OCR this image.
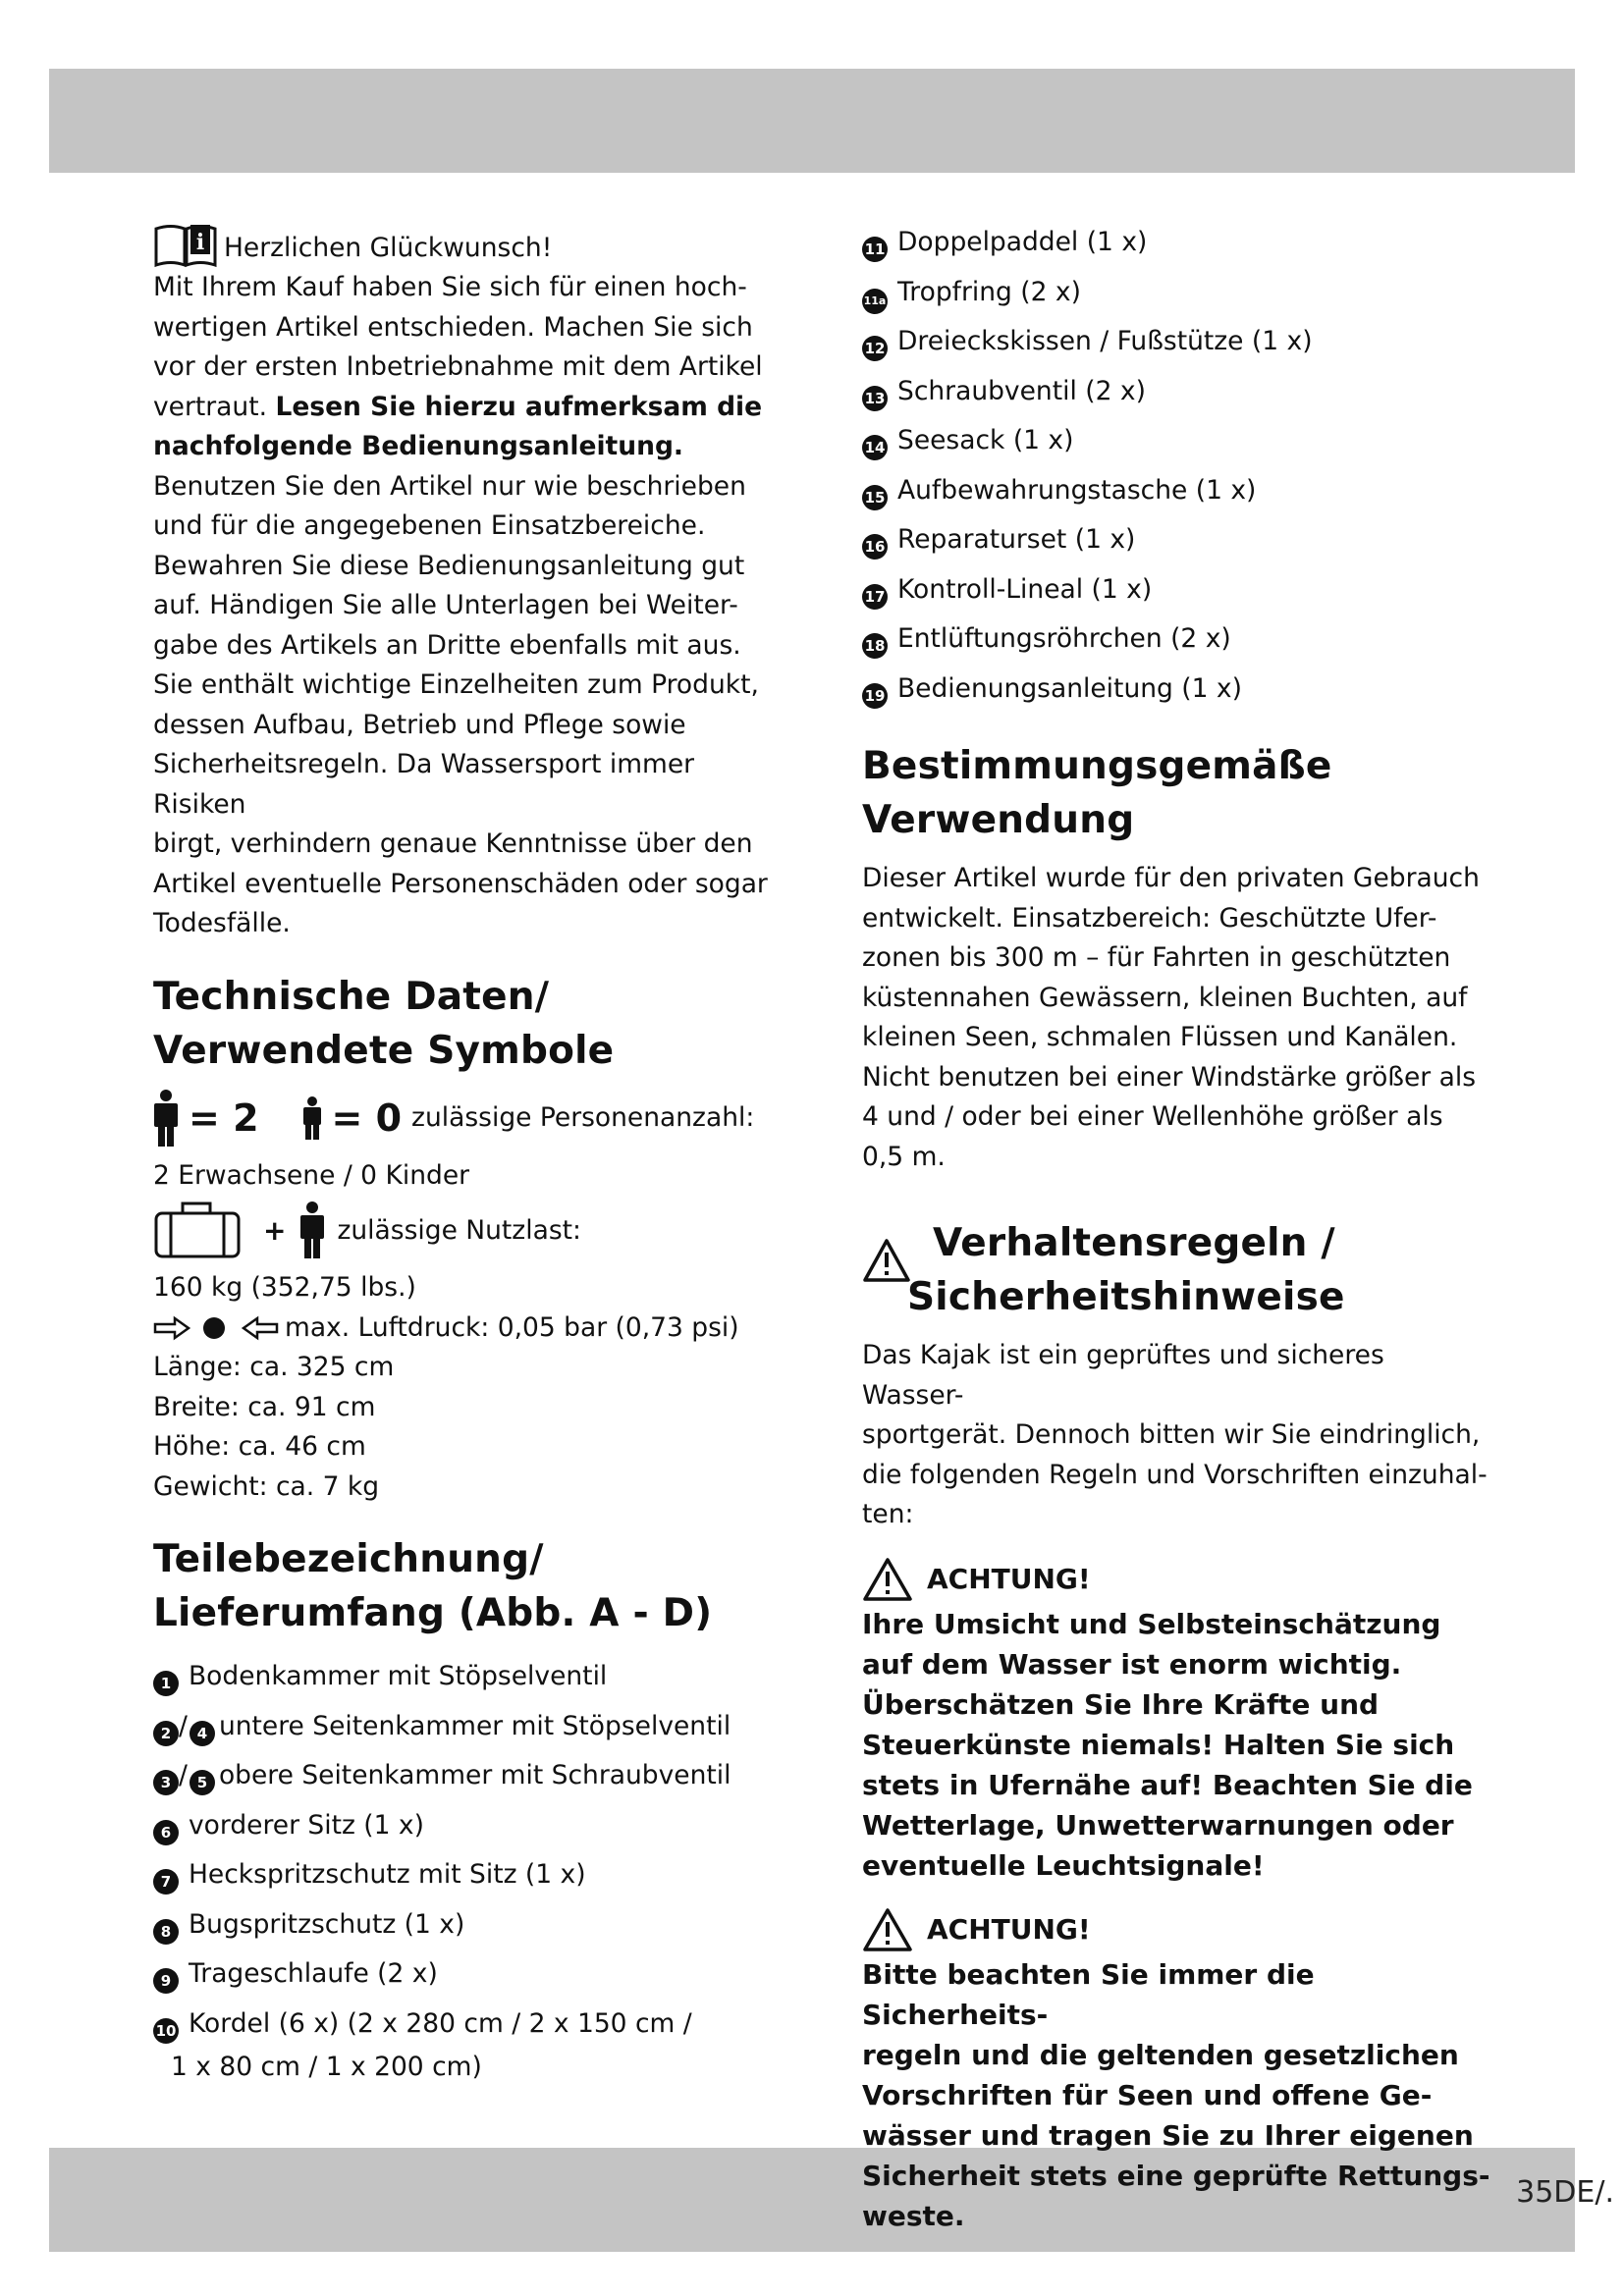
35DE/.
i Herzlichen Glückwunsch!

Mit Ihrem Kauf haben Sie sich für einen hoch-

wertigen Artikel entschieden. Machen Sie sich

vor der ersten Inbetriebnahme mit dem Artikel

vertraut. Lesen Sie hierzu aufmerksam die

nachfolgende Bedienungsanleitung.

Benutzen Sie den Artikel nur wie beschrieben

und für die angegebenen Einsatzbereiche.

Bewahren Sie diese Bedienungsanleitung gut

auf. Händigen Sie alle Unterlagen bei Weiter-

gabe des Artikels an Dritte ebenfalls mit aus.

Sie enthält wichtige Einzelheiten zum Produkt,

dessen Aufbau, Betrieb und Pflege sowie

Sicherheitsregeln. Da Wassersport immer Risiken

birgt, verhindern genaue Kenntnisse über den

Artikel eventuelle Personenschäden oder sogar

Todesfälle.

Technische Daten/
Verwendete Symbole
= 2 = 0 zulässige Personenanzahl:

2 Erwachsene / 0 Kinder

+ zulässige Nutzlast:

160 kg (352,75 lbs.)

max. Luftdruck: 0,05 bar (0,73 psi)

Länge: ca. 325 cm

Breite: ca. 91 cm

Höhe: ca. 46 cm

Gewicht: ca. 7 kg

Teilebezeichnung/
Lieferumfang (Abb. A - D)

1 Bodenkammer mit Stöpselventil

2 / 4 untere Seitenkammer mit Stöpselventil

3 / 5 obere Seitenkammer mit Schraubventil

6 vorderer Sitz (1 x)

7 Heckspritzschutz mit Sitz (1 x)

8 Bugspritzschutz (1 x)

9 Trageschlaufe (2 x)

10 Kordel (6 x) (2 x 280 cm / 2 x 150 cm /

1 x 80 cm / 1 x 200 cm)

11 Doppelpaddel (1 x)

11a Tropfring (2 x)

12 Dreieckskissen / Fußstütze (1 x)

13 Schraubventil (2 x)

14 Seesack (1 x)

15 Aufbewahrungstasche (1 x)

16 Reparaturset (1 x)

17 Kontroll-Lineal (1 x)

18 Entlüftungsröhrchen (2 x)

19 Bedienungsanleitung (1 x)

Bestimmungsgemäße
Verwendung

Dieser Artikel wurde für den privaten Gebrauch

entwickelt. Einsatzbereich: Geschützte Ufer-

zonen bis 300 m – für Fahrten in geschützten

küstennahen Gewässern, kleinen Buchten, auf

kleinen Seen, schmalen Flüssen und Kanälen.

Nicht benutzen bei einer Windstärke größer als

4 und / oder bei einer Wellenhöhe größer als

0,5 m.

Verhaltensregeln /
Sicherheitshinweise

Das Kajak ist ein geprüftes und sicheres Wasser-

sportgerät. Dennoch bitten wir Sie eindringlich,

die folgenden Regeln und Vorschriften einzuhal-

ten:

ACHTUNG!

Ihre Umsicht und Selbsteinschätzung

auf dem Wasser ist enorm wichtig.

Überschätzen Sie Ihre Kräfte und

Steuerkünste niemals! Halten Sie sich

stets in Ufernähe auf! Beachten Sie die

Wetterlage, Unwetterwarnungen oder

eventuelle Leuchtsignale!

ACHTUNG!

Bitte beachten Sie immer die Sicherheits-

regeln und die geltenden gesetzlichen

Vorschriften für Seen und offene Ge-

wässer und tragen Sie zu Ihrer eigenen

Sicherheit stets eine geprüfte Rettungs-

weste.
